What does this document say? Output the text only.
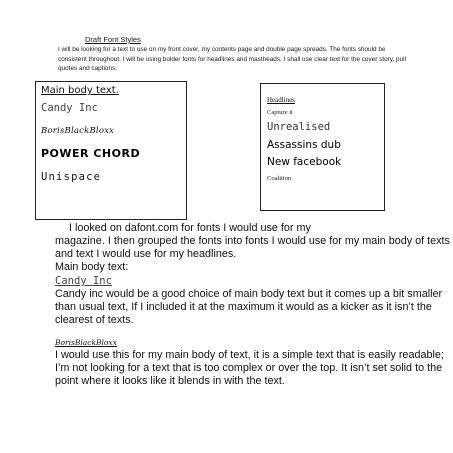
Draft Font Styles
I will be looking for a text to use on my front cover, my contents page and double page spreads. The fonts should be consistent throughout. I will be using bolder fonts for headlines and mastheads. I shall use clear text for the cover story, pull quotes and captions.
Main body text.
Candy Inc
BorisBlackBloxx
POWER CHORD
Unispace
Headlines
Capture it
Unrealised
Assassins dub
New facebook
Coalition
I looked on dafont.com for fonts I would use for my
magazine. I then grouped the fonts into fonts I would use for my main body of texts and text I would use for my headlines.
Main body text:
Candy Inc
Candy inc would be a good choice of main body text but it comes up a bit smaller than usual text, If I included it at the maximum it would as a kicker as it isn’t the clearest of texts.
BorisBlackBloxx
I would use this for my main body of text, it is a simple text that is easily readable; I’m not looking for a text that is too complex or over the top. It isn’t set solid to the point where it looks like it blends in with the text.
